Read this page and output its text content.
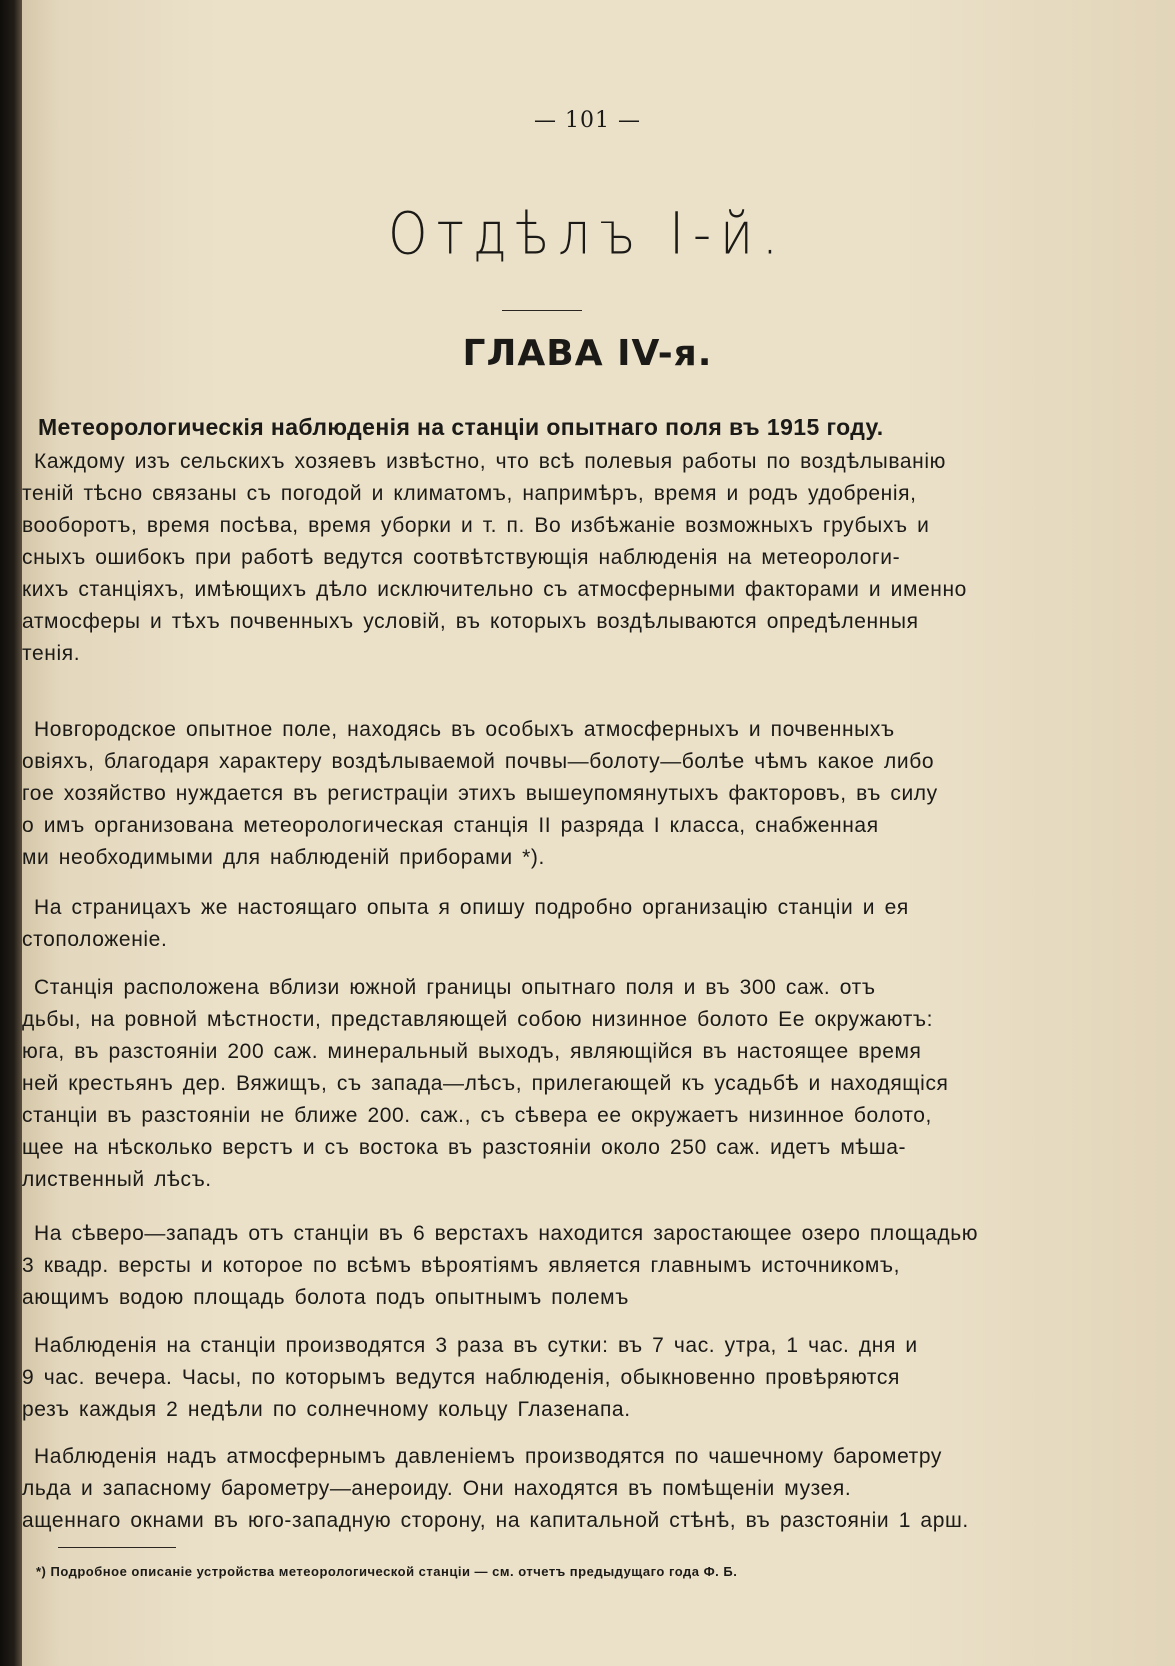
— 101 —
Отдѣлъ I-й.
ГЛАВА IV-я.
Метеорологическія наблюденія на станціи опытнаго поля въ 1915 году.
Каждому изъ сельскихъ хозяевъ извѣстно, что всѣ полевыя работы по воздѣлыванію
теній тѣсно связаны съ погодой и климатомъ, напримѣръ, время и родъ удобренія,
вооборотъ, время посѣва, время уборки и т. п. Во избѣжаніе возможныхъ грубыхъ и
сныхъ ошибокъ при работѣ ведутся соотвѣтствующія наблюденія на метеорологи-
кихъ станціяхъ, имѣющихъ дѣло исключительно съ атмосферными факторами и именно
атмосферы и тѣхъ почвенныхъ условій, въ которыхъ воздѣлываются опредѣленныя
тенія.
Новгородское опытное поле, находясь въ особыхъ атмосферныхъ и почвенныхъ
овіяхъ, благодаря характеру воздѣлываемой почвы—болоту—болѣе чѣмъ какое либо
гое хозяйство нуждается въ регистраціи этихъ вышеупомянутыхъ факторовъ, въ силу
о имъ организована метеорологическая станція II разряда I класса, снабженная
ми необходимыми для наблюденій приборами *).
На страницахъ же настоящаго опыта я опишу подробно организацію станціи и ея
стоположеніе.
Станція расположена вблизи южной границы опытнаго поля и въ 300 саж. отъ
дьбы, на ровной мѣстности, представляющей собою низинное болото Ее окружаютъ:
юга, въ разстояніи 200 саж. минеральный выходъ, являющійся въ настоящее время
ней крестьянъ дер. Вяжищъ, съ запада—лѣсъ, прилегающей къ усадьбѣ и находящіся
станціи въ разстояніи не ближе 200. саж., съ сѣвера ее окружаетъ низинное болото,
щее на нѣсколько верстъ и съ востока въ разстояніи около 250 саж. идетъ мѣша-
лиственный лѣсъ.
На сѣверо—западъ отъ станціи въ 6 верстахъ находится заростающее озеро площадью
3 квадр. версты и которое по всѣмъ вѣроятіямъ является главнымъ источникомъ,
ающимъ водою площадь болота подъ опытнымъ полемъ
Наблюденія на станціи производятся 3 раза въ сутки: въ 7 час. утра, 1 час. дня и
9 час. вечера. Часы, по которымъ ведутся наблюденія, обыкновенно провѣряются
резъ каждыя 2 недѣли по солнечному кольцу Глазенапа.
Наблюденія надъ атмосфернымъ давленіемъ производятся по чашечному барометру
льда и запасному барометру—анероиду. Они находятся въ помѣщеніи музея.
ащеннаго окнами въ юго-западную сторону, на капитальной стѣнѣ, въ разстояніи 1 арш.
*) Подробное описаніе устройства метеорологической станціи — см. отчетъ предыдущаго года Ф. Б.
